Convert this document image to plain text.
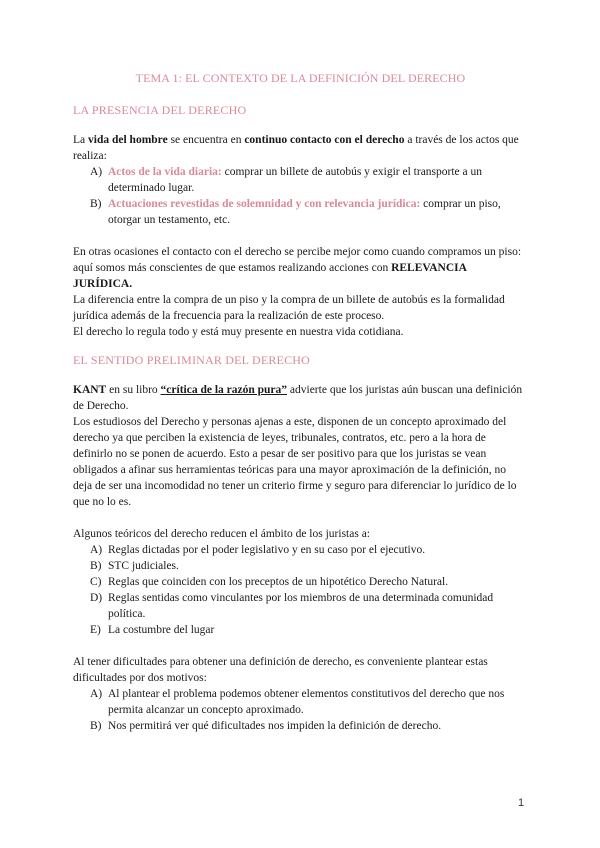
TEMA 1: EL CONTEXTO DE LA DEFINICIÓN DEL DERECHO
LA PRESENCIA DEL DERECHO

La vida del hombre se encuentra en continuo contacto con el derecho a través de los actos que realiza:

A) Actos de la vida diaria: comprar un billete de autobús y exigir el transporte a un determinado lugar.
B) Actuaciones revestidas de solemnidad y con relevancia jurídica: comprar un piso, otorgar un testamento, etc.

En otras ocasiones el contacto con el derecho se percibe mejor como cuando compramos un piso: aquí somos más conscientes de que estamos realizando acciones con RELEVANCIA JURÍDICA.

La diferencia entre la compra de un piso y la compra de un billete de autobús es la formalidad jurídica además de la frecuencia para la realización de este proceso.

El derecho lo regula todo y está muy presente en nuestra vida cotidiana.

EL SENTIDO PRELIMINAR DEL DERECHO

KANT en su libro “crítica de la razón pura” advierte que los juristas aún buscan una definición de Derecho.

Los estudiosos del Derecho y personas ajenas a este, disponen de un concepto aproximado del derecho ya que perciben la existencia de leyes, tribunales, contratos, etc. pero a la hora de definirlo no se ponen de acuerdo. Esto a pesar de ser positivo para que los juristas se vean obligados a afinar sus herramientas teóricas para una mayor aproximación de la definición, no deja de ser una incomodidad no tener un criterio firme y seguro para diferenciar lo jurídico de lo que no lo es.

Algunos teóricos del derecho reducen el ámbito de los juristas a:

A) Reglas dictadas por el poder legislativo y en su caso por el ejecutivo.
B) STC judiciales.
C) Reglas que coinciden con los preceptos de un hipotético Derecho Natural.
D) Reglas sentidas como vinculantes por los miembros de una determinada comunidad política.
E) La costumbre del lugar

Al tener dificultades para obtener una definición de derecho, es conveniente plantear estas dificultades por dos motivos:

A) Al plantear el problema podemos obtener elementos constitutivos del derecho que nos permita alcanzar un concepto aproximado.
B) Nos permitirá ver qué dificultades nos impiden la definición de derecho.
1
